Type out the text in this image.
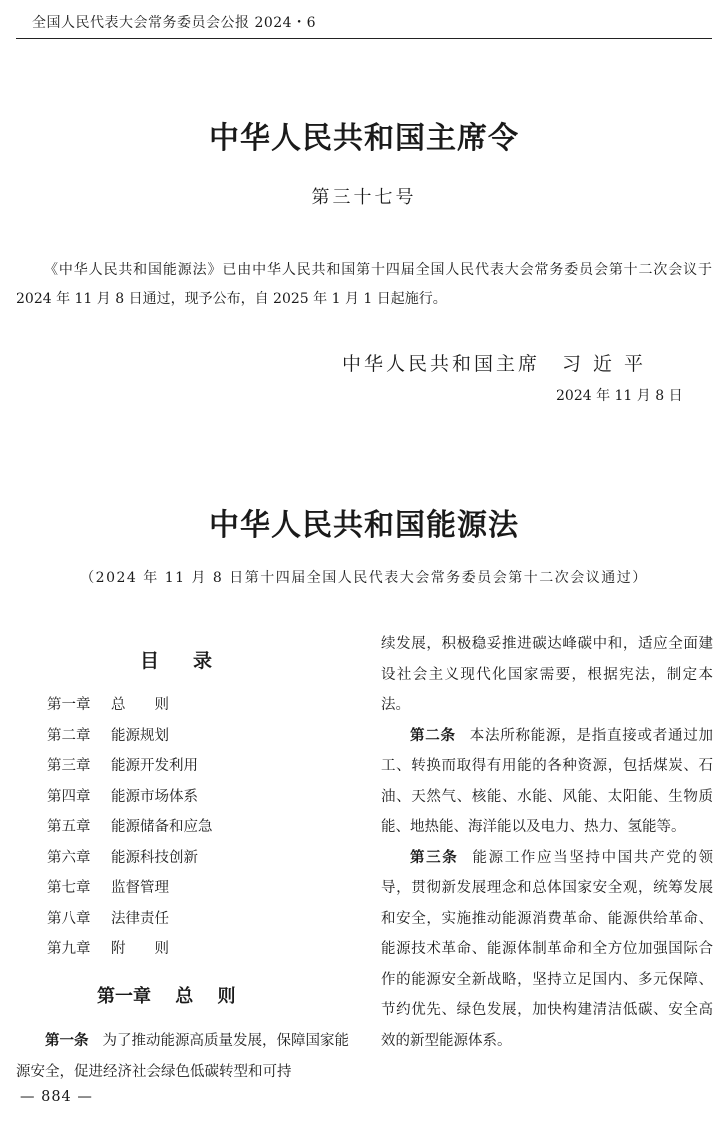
全国人民代表大会常务委员会公报 2024・6
中华人民共和国主席令
第三十七号
《中华人民共和国能源法》已由中华人民共和国第十四届全国人民代表大会常务委员会第十二次会议于 2024 年 11 月 8 日通过，现予公布，自 2025 年 1 月 1 日起施行。
中华人民共和国主席 习近平
2024 年 11 月 8 日
中华人民共和国能源法
（2024 年 11 月 8 日第十四届全国人民代表大会常务委员会第十二次会议通过）
目录
第一章 总　　则
第二章 能源规划
第三章 能源开发利用
第四章 能源市场体系
第五章 能源储备和应急
第六章 能源科技创新
第七章 监督管理
第八章 法律责任
第九章 附　　则
第一章 总 则

第一条 为了推动能源高质量发展，保障国家能源安全，促进经济社会绿色低碳转型和可持

续发展，积极稳妥推进碳达峰碳中和，适应全面建设社会主义现代化国家需要，根据宪法，制定本法。

第二条 本法所称能源，是指直接或者通过加工、转换而取得有用能的各种资源，包括煤炭、石油、天然气、核能、水能、风能、太阳能、生物质能、地热能、海洋能以及电力、热力、氢能等。

第三条 能源工作应当坚持中国共产党的领导，贯彻新发展理念和总体国家安全观，统筹发展和安全，实施推动能源消费革命、能源供给革命、能源技术革命、能源体制革命和全方位加强国际合作的能源安全新战略，坚持立足国内、多元保障、节约优先、绿色发展，加快构建清洁低碳、安全高效的新型能源体系。

— 884 —
